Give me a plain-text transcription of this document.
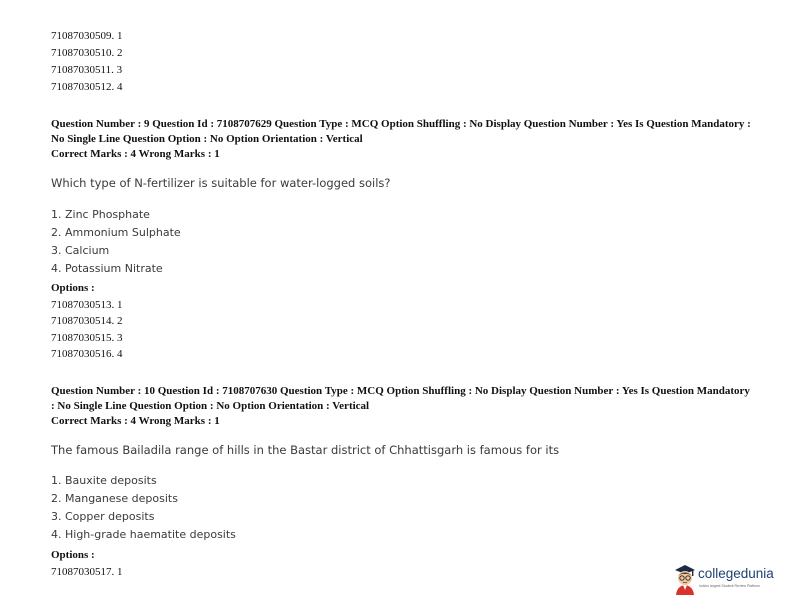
71087030509. 1
71087030510. 2
71087030511. 3
71087030512. 4
Question Number : 9 Question Id : 7108707629 Question Type : MCQ Option Shuffling : No Display Question Number : Yes Is Question Mandatory : No Single Line Question Option : No Option Orientation : Vertical
Correct Marks : 4 Wrong Marks : 1
Which type of N-fertilizer is suitable for water-logged soils?
1. Zinc Phosphate
2. Ammonium Sulphate
3. Calcium
4. Potassium Nitrate
Options :
71087030513. 1
71087030514. 2
71087030515. 3
71087030516. 4
Question Number : 10 Question Id : 7108707630 Question Type : MCQ Option Shuffling : No Display Question Number : Yes Is Question Mandatory : No Single Line Question Option : No Option Orientation : Vertical
Correct Marks : 4 Wrong Marks : 1
The famous Bailadila range of hills in the Bastar district of Chhattisgarh is famous for its
1. Bauxite deposits
2. Manganese deposits
3. Copper deposits
4. High-grade haematite deposits
Options :
71087030517. 1	collegedunia
India's largest Student Review Platform
